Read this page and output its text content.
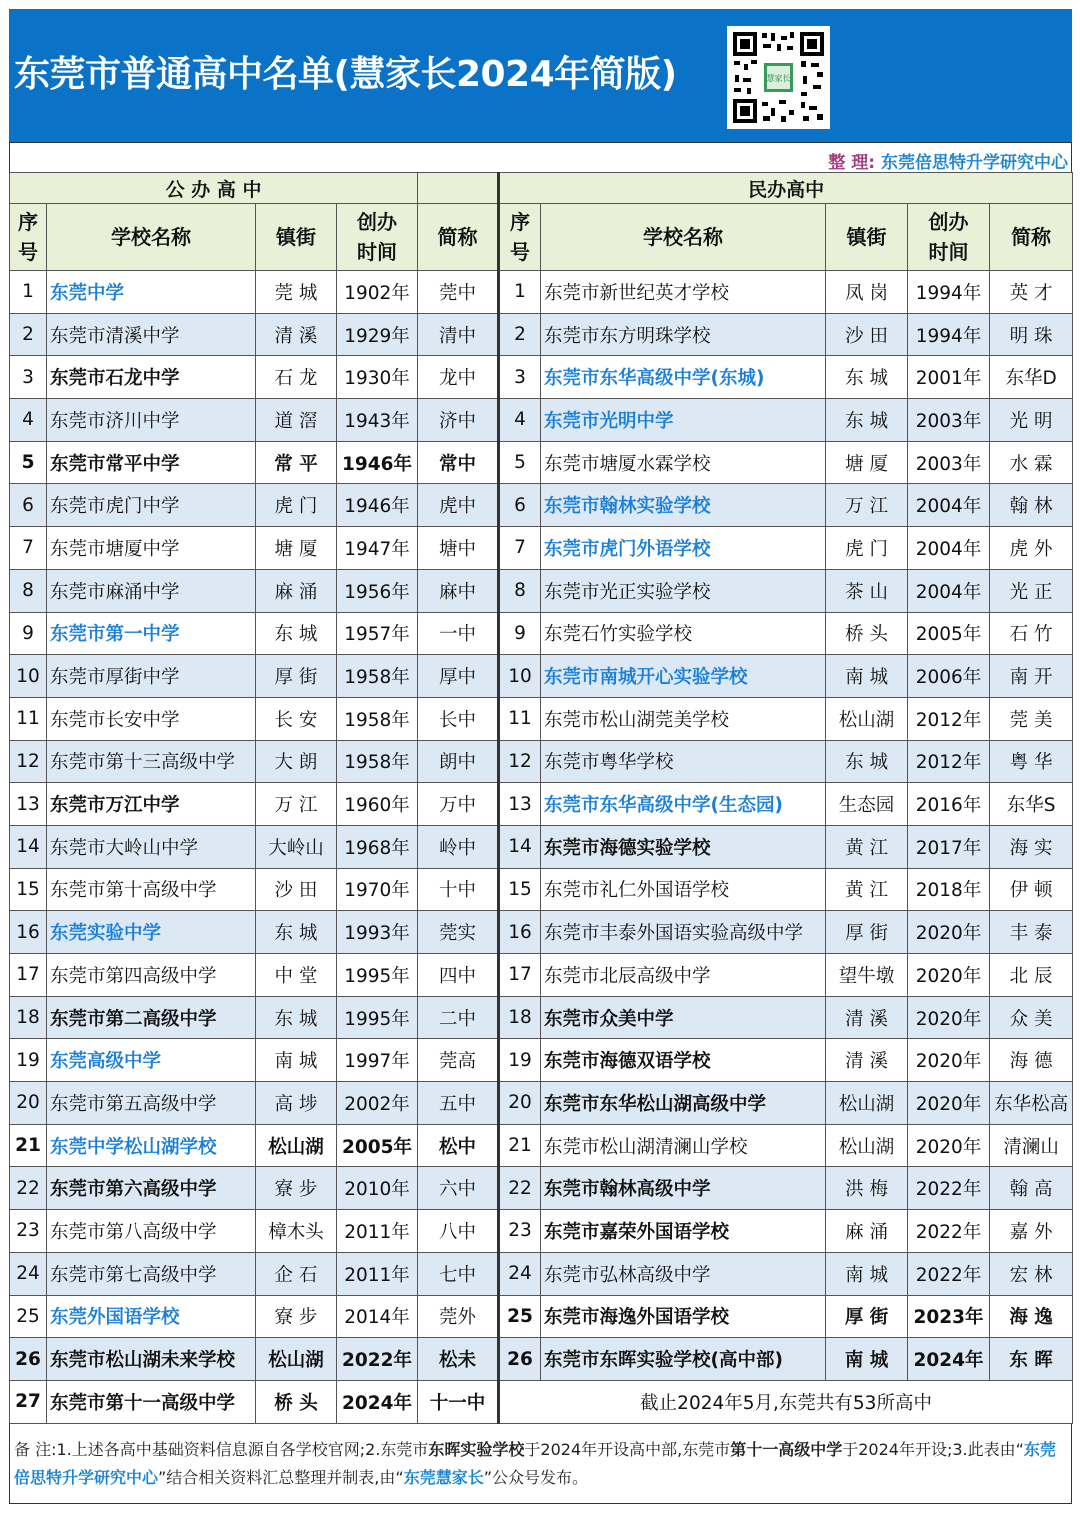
东莞市普通高中名单(慧家长2024年简版)	慧家长
整 理: 东莞倍思特升学研究中心
公 办 高 中					民办高中				

序号	学校名称	镇街	创办时间	简称	序号	学校名称	镇街	创办时间	简称
1	东莞中学	莞 城	1902年	莞中	1	东莞市新世纪英才学校	凤 岗	1994年	英 才
2	东莞市清溪中学	清 溪	1929年	清中	2	东莞市东方明珠学校	沙 田	1994年	明 珠
3	东莞市石龙中学	石 龙	1930年	龙中	3	东莞市东华高级中学(东城)	东 城	2001年	东华D
4	东莞市济川中学	道 滘	1943年	济中	4	东莞市光明中学	东 城	2003年	光 明
5	东莞市常平中学	常 平	1946年	常中	5	东莞市塘厦水霖学校	塘 厦	2003年	水 霖
6	东莞市虎门中学	虎 门	1946年	虎中	6	东莞市翰林实验学校	万 江	2004年	翰 林
7	东莞市塘厦中学	塘 厦	1947年	塘中	7	东莞市虎门外语学校	虎 门	2004年	虎 外
8	东莞市麻涌中学	麻 涌	1956年	麻中	8	东莞市光正实验学校	茶 山	2004年	光 正
9	东莞市第一中学	东 城	1957年	一中	9	东莞石竹实验学校	桥 头	2005年	石 竹
10	东莞市厚街中学	厚 街	1958年	厚中	10	东莞市南城开心实验学校	南 城	2006年	南 开
11	东莞市长安中学	长 安	1958年	长中	11	东莞市松山湖莞美学校	松山湖	2012年	莞 美
12	东莞市第十三高级中学	大 朗	1958年	朗中	12	东莞市粤华学校	东 城	2012年	粤 华
13	东莞市万江中学	万 江	1960年	万中	13	东莞市东华高级中学(生态园)	生态园	2016年	东华S
14	东莞市大岭山中学	大岭山	1968年	岭中	14	东莞市海德实验学校	黄 江	2017年	海 实
15	东莞市第十高级中学	沙 田	1970年	十中	15	东莞市礼仁外国语学校	黄 江	2018年	伊 顿
16	东莞实验中学	东 城	1993年	莞实	16	东莞市丰泰外国语实验高级中学	厚 街	2020年	丰 泰
17	东莞市第四高级中学	中 堂	1995年	四中	17	东莞市北辰高级中学	望牛墩	2020年	北 辰
18	东莞市第二高级中学	东 城	1995年	二中	18	东莞市众美中学	清 溪	2020年	众 美
19	东莞高级中学	南 城	1997年	莞高	19	东莞市海德双语学校	清 溪	2020年	海 德
20	东莞市第五高级中学	高 埗	2002年	五中	20	东莞市东华松山湖高级中学	松山湖	2020年	东华松高
21	东莞中学松山湖学校	松山湖	2005年	松中	21	东莞市松山湖清澜山学校	松山湖	2020年	清澜山
22	东莞市第六高级中学	寮 步	2010年	六中	22	东莞市翰林高级中学	洪 梅	2022年	翰 高
23	东莞市第八高级中学	樟木头	2011年	八中	23	东莞市嘉荣外国语学校	麻 涌	2022年	嘉 外
24	东莞市第七高级中学	企 石	2011年	七中	24	东莞市弘林高级中学	南 城	2022年	宏 林
25	东莞外国语学校	寮 步	2014年	莞外	25	东莞市海逸外国语学校	厚 街	2023年	海 逸
26	东莞市松山湖未来学校	松山湖	2022年	松未	26	东莞市东晖实验学校(高中部)	南 城	2024年	东 晖
27	东莞市第十一高级中学	桥 头	2024年	十一中	截止2024年5月,东莞共有53所高中				
备 注:1.上述各高中基础资料信息源自各学校官网;2.东莞市东晖实验学校于2024年开设高中部,东莞市第十一高级中学于2024年开设;3.此表由“东莞倍思特升学研究中心”结合相关资料汇总整理并制表,由“东莞慧家长”公众号发布。
